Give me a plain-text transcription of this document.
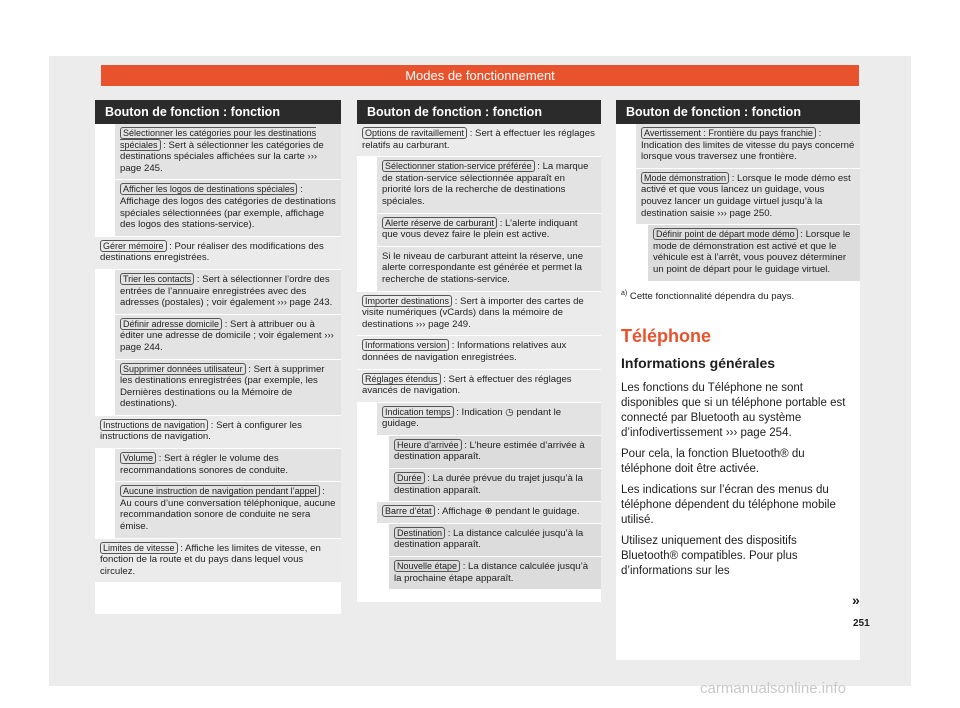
Modes de fonctionnement
Bouton de fonction : fonction
Sélectionner les catégories pour les destinations spéciales : Sert à sélectionner les catégories de destinations spéciales affichées sur la carte ››› page 245.
Afficher les logos de destinations spéciales : Affichage des logos des catégories de destinations spéciales sélectionnées (par exemple, affichage des logos des stations-service).
Gérer mémoire : Pour réaliser des modifications des destinations enregistrées.
Trier les contacts : Sert à sélectionner l’ordre des entrées de l’annuaire enregistrées avec des adresses (postales) ; voir également ››› page 243.
Définir adresse domicile : Sert à attribuer ou à éditer une adresse de domicile ; voir également ››› page 244.
Supprimer données utilisateur : Sert à supprimer les destinations enregistrées (par exemple, les Dernières destinations ou la Mémoire de destinations).
Instructions de navigation : Sert à configurer les instructions de navigation.
Volume : Sert à régler le volume des recommandations sonores de conduite.
Aucune instruction de navigation pendant l’appel : Au cours d’une conversation téléphonique, aucune recommandation sonore de conduite ne sera émise.
Limites de vitesse : Affiche les limites de vitesse, en fonction de la route et du pays dans lequel vous circulez.
Bouton de fonction : fonction
Options de ravitaillement : Sert à effectuer les réglages relatifs au carburant.
Sélectionner station-service préférée : La marque de station-service sélectionnée apparaît en priorité lors de la recherche de destinations spéciales.
Alerte réserve de carburant : L’alerte indiquant que vous devez faire le plein est active.
Si le niveau de carburant atteint la réserve, une alerte correspondante est générée et permet la recherche de stations-service.
Importer destinations : Sert à importer des cartes de visite numériques (vCards) dans la mémoire de destinations ››› page 249.
Informations version : Informations relatives aux données de navigation enregistrées.
Réglages étendus : Sert à effectuer des réglages avancés de navigation.
Indication temps : Indication ◷ pendant le guidage.
Heure d’arrivée : L’heure estimée d’arrivée à destination apparaît.
Durée : La durée prévue du trajet jusqu’à la destination apparaît.
Barre d’état : Affichage ⊕ pendant le guidage.
Destination : La distance calculée jusqu’à la destination apparaît.
Nouvelle étape : La distance calculée jusqu’à la prochaine étape apparaît.
Bouton de fonction : fonction
Avertissement : Frontière du pays franchie : Indication des limites de vitesse du pays concerné lorsque vous traversez une frontière.
Mode démonstration : Lorsque le mode démo est activé et que vous lancez un guidage, vous pouvez lancer un guidage virtuel jusqu’à la destination saisie ››› page 250.
Définir point de départ mode démo : Lorsque le mode de démonstration est activé et que le véhicule est à l’arrêt, vous pouvez déterminer un point de départ pour le guidage virtuel.
$^{a)}$ Cette fonctionnalité dépendra du pays.
Téléphone
Informations générales
Les fonctions du Téléphone ne sont disponibles que si un téléphone portable est connecté par Bluetooth au système d’infodivertissement ››› page 254.
Pour cela, la fonction Bluetooth® du téléphone doit être activée.
Les indications sur l’écran des menus du téléphone dépendent du téléphone mobile utilisé.
Utilisez uniquement des dispositifs Bluetooth® compatibles. Pour plus d’informations sur les
»
251
carmanualsonline.info
